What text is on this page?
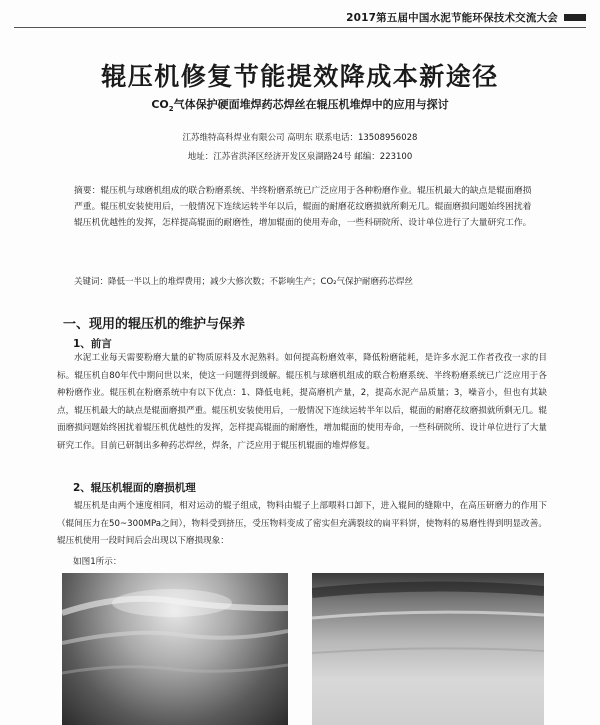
2017第五届中国水泥节能环保技术交流大会
辊压机修复节能提效降成本新途径
$CO_2$气体保护硬面堆焊药芯焊丝在辊压机堆焊中的应用与探讨
江苏维特高科焊业有限公司 高明东 联系电话：13508956028
地址：江苏省洪泽区经济开发区泉湖路24号 邮编：223100

摘要：辊压机与球磨机组成的联合粉磨系统、半终粉磨系统已广泛应用于各种粉磨作业。辊压机最大的缺点是辊面磨损严重。辊压机安装使用后，一般情况下连续运转半年以后，辊面的耐磨花纹磨损就所剩无几。辊面磨损问题始终困扰着辊压机优越性的发挥，怎样提高辊面的耐磨性，增加辊面的使用寿命，一些科研院所、设计单位进行了大量研究工作。

关键词：降低一半以上的堆焊费用；减少大修次数；不影响生产；CO₂气保护耐磨药芯焊丝

一、现用的辊压机的维护与保养
1、前言

水泥工业每天需要粉磨大量的矿物质原料及水泥熟料。如何提高粉磨效率，降低粉磨能耗，是许多水泥工作者孜孜一求的目标。辊压机自80年代中期问世以来，使这一问题得到缓解。辊压机与球磨机组成的联合粉磨系统、半终粉磨系统已广泛应用于各种粉磨作业。辊压机在粉磨系统中有以下优点：1、降低电耗，提高磨机产量，2，提高水泥产品质量；3，噪音小，但也有其缺点，辊压机最大的缺点是辊面磨损严重。辊压机安装使用后，一般情况下连续运转半年以后，辊面的耐磨花纹磨损就所剩无几。辊面磨损问题始终困扰着辊压机优越性的发挥，怎样提高辊面的耐磨性，增加辊面的使用寿命，一些科研院所、设计单位进行了大量研究工作。目前已研制出多种药芯焊丝，焊条，广泛应用于辊压机辊面的堆焊修复。

2、辊压机辊面的磨损机理

辊压机是由两个速度相同，相对运动的辊子组成，物料由辊子上部喂料口卸下，进入辊间的缝隙中，在高压研磨力的作用下（辊间压力在50~300MPa之间），物料受到挤压，受压物料变成了密实但充满裂纹的扁平料饼，使物料的易磨性得到明显改善。辊压机使用一段时间后会出现以下磨损现象：

如图1所示：
